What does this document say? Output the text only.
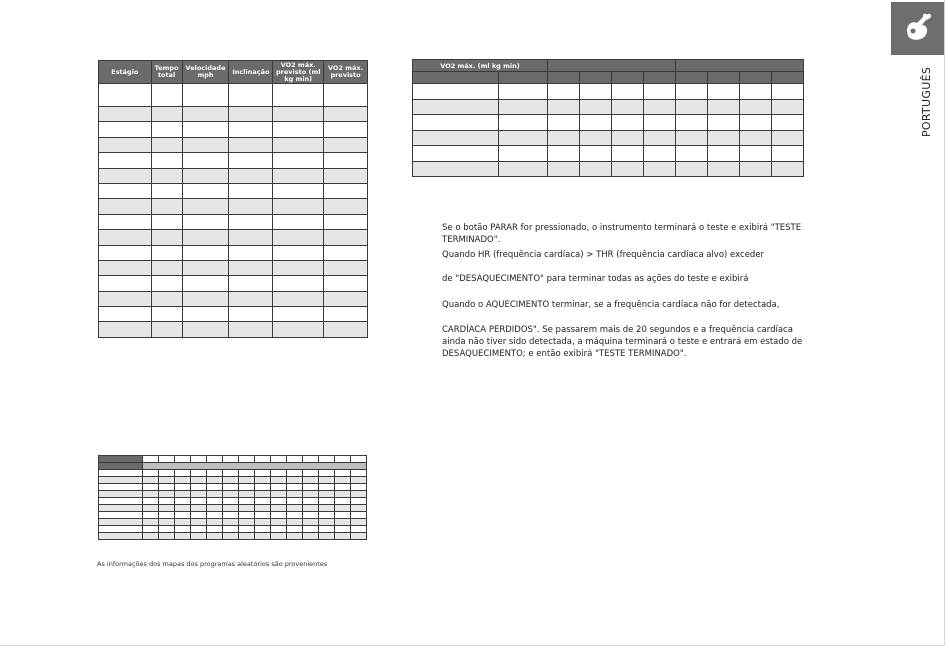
PORTUGUÊS
Estágio	Tempo total	Velocidade mph	Inclinação	VO2 máx. previsto (ml kg min)	VO2 máx. previsto

VO2 máx. (ml kg min)									

Se o botão PARAR for pressionado, o instrumento terminará o teste e exibirá "TESTE TERMINADO".
Quando HR (frequência cardíaca) > THR (frequência cardíaca alvo) exceder
de "DESAQUECIMENTO" para terminar todas as ações do teste e exibirá
Quando o AQUECIMENTO terminar, se a frequência cardíaca não for detectada,
CARDÍACA PERDIDOS". Se passarem mais de 20 segundos e a frequência cardíaca ainda não tiver sido detectada, a máquina terminará o teste e entrará em estado de DESAQUECIMENTO; e então exibirá "TESTE TERMINADO".

As informações dos mapas dos programas aleatórios são provenientes
